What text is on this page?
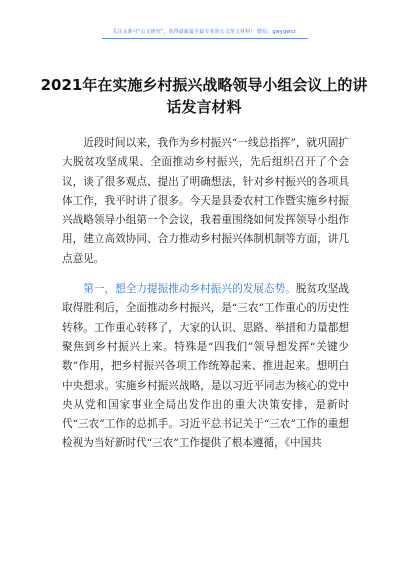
关注头条号“公文研究”，获得最新最全最专业的公文范文材料！ 微信：gwygwsz
2021年在实施乡村振兴战略领导小组会议上的讲话发言材料

近段时间以来，我作为乡村振兴“一线总指挥”，就巩固扩大脱贫攻坚成果、全面推动乡村振兴，先后组织召开了个会议，谈了很多观点、提出了明确想法，针对乡村振兴的各项具体工作，我平时讲了很多。今天是县委农村工作暨实施乡村振兴战略领导小组第一个会议，我着重围绕如何发挥领导小组作用，建立高效协同、合力推动乡村振兴体制机制等方面，讲几点意见。

第一，想全力提振推动乡村振兴的发展态势。脱贫攻坚战取得胜利后，全面推动乡村振兴，是“三农”工作重心的历史性转移。工作重心转移了，大家的认识、思路、举措和力量都想聚焦到乡村振兴上来。特殊是“四我们”领导想发挥“关键少数”作用，把乡村振兴各项工作统筹起来、推进起来。想明白中央想求。实施乡村振兴战略，是以习近平同志为核心的党中央从党和国家事业全局出发作出的重大决策安排，是新时代“三农”工作的总抓手。习近平总书记关于“三农”工作的重想检视为当好新时代“三农”工作提供了根本遵循，《中国共
